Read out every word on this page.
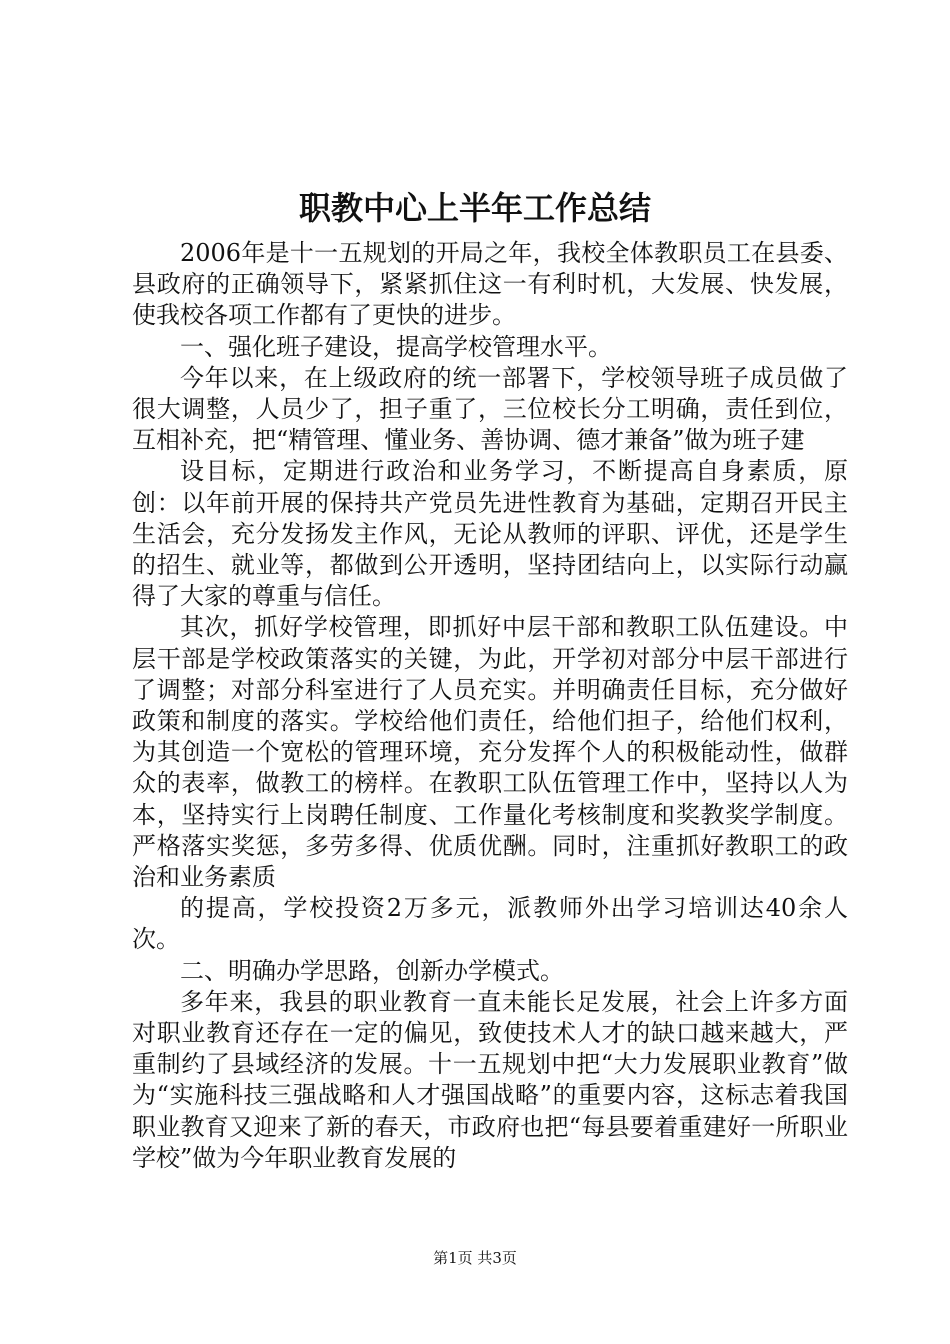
职教中心上半年工作总结

2006年是十一五规划的开局之年，我校全体教职员工在县委、县政府的正确领导下，紧紧抓住这一有利时机，大发展、快发展，使我校各项工作都有了更快的进步。

一、强化班子建设，提高学校管理水平。

今年以来，在上级政府的统一部署下，学校领导班子成员做了很大调整，人员少了，担子重了，三位校长分工明确，责任到位，互相补充，把“精管理、懂业务、善协调、德才兼备”做为班子建

设目标，定期进行政治和业务学习，不断提高自身素质，原创：以年前开展的保持共产党员先进性教育为基础，定期召开民主生活会，充分发扬发主作风，无论从教师的评职、评优，还是学生的招生、就业等，都做到公开透明，坚持团结向上，以实际行动赢得了大家的尊重与信任。

其次，抓好学校管理，即抓好中层干部和教职工队伍建设。中层干部是学校政策落实的关键，为此，开学初对部分中层干部进行了调整；对部分科室进行了人员充实。并明确责任目标，充分做好政策和制度的落实。学校给他们责任，给他们担子，给他们权利，为其创造一个宽松的管理环境，充分发挥个人的积极能动性，做群众的表率，做教工的榜样。在教职工队伍管理工作中，坚持以人为本，坚持实行上岗聘任制度、工作量化考核制度和奖教奖学制度。严格落实奖惩，多劳多得、优质优酬。同时，注重抓好教职工的政治和业务素质

的提高，学校投资2万多元，派教师外出学习培训达40余人次。

二、明确办学思路，创新办学模式。

多年来，我县的职业教育一直未能长足发展，社会上许多方面对职业教育还存在一定的偏见，致使技术人才的缺口越来越大，严重制约了县域经济的发展。十一五规划中把“大力发展职业教育”做为“实施科技三强战略和人才强国战略”的重要内容，这标志着我国职业教育又迎来了新的春天，市政府也把“每县要着重建好一所职业学校”做为今年职业教育发展的

第1页 共3页
